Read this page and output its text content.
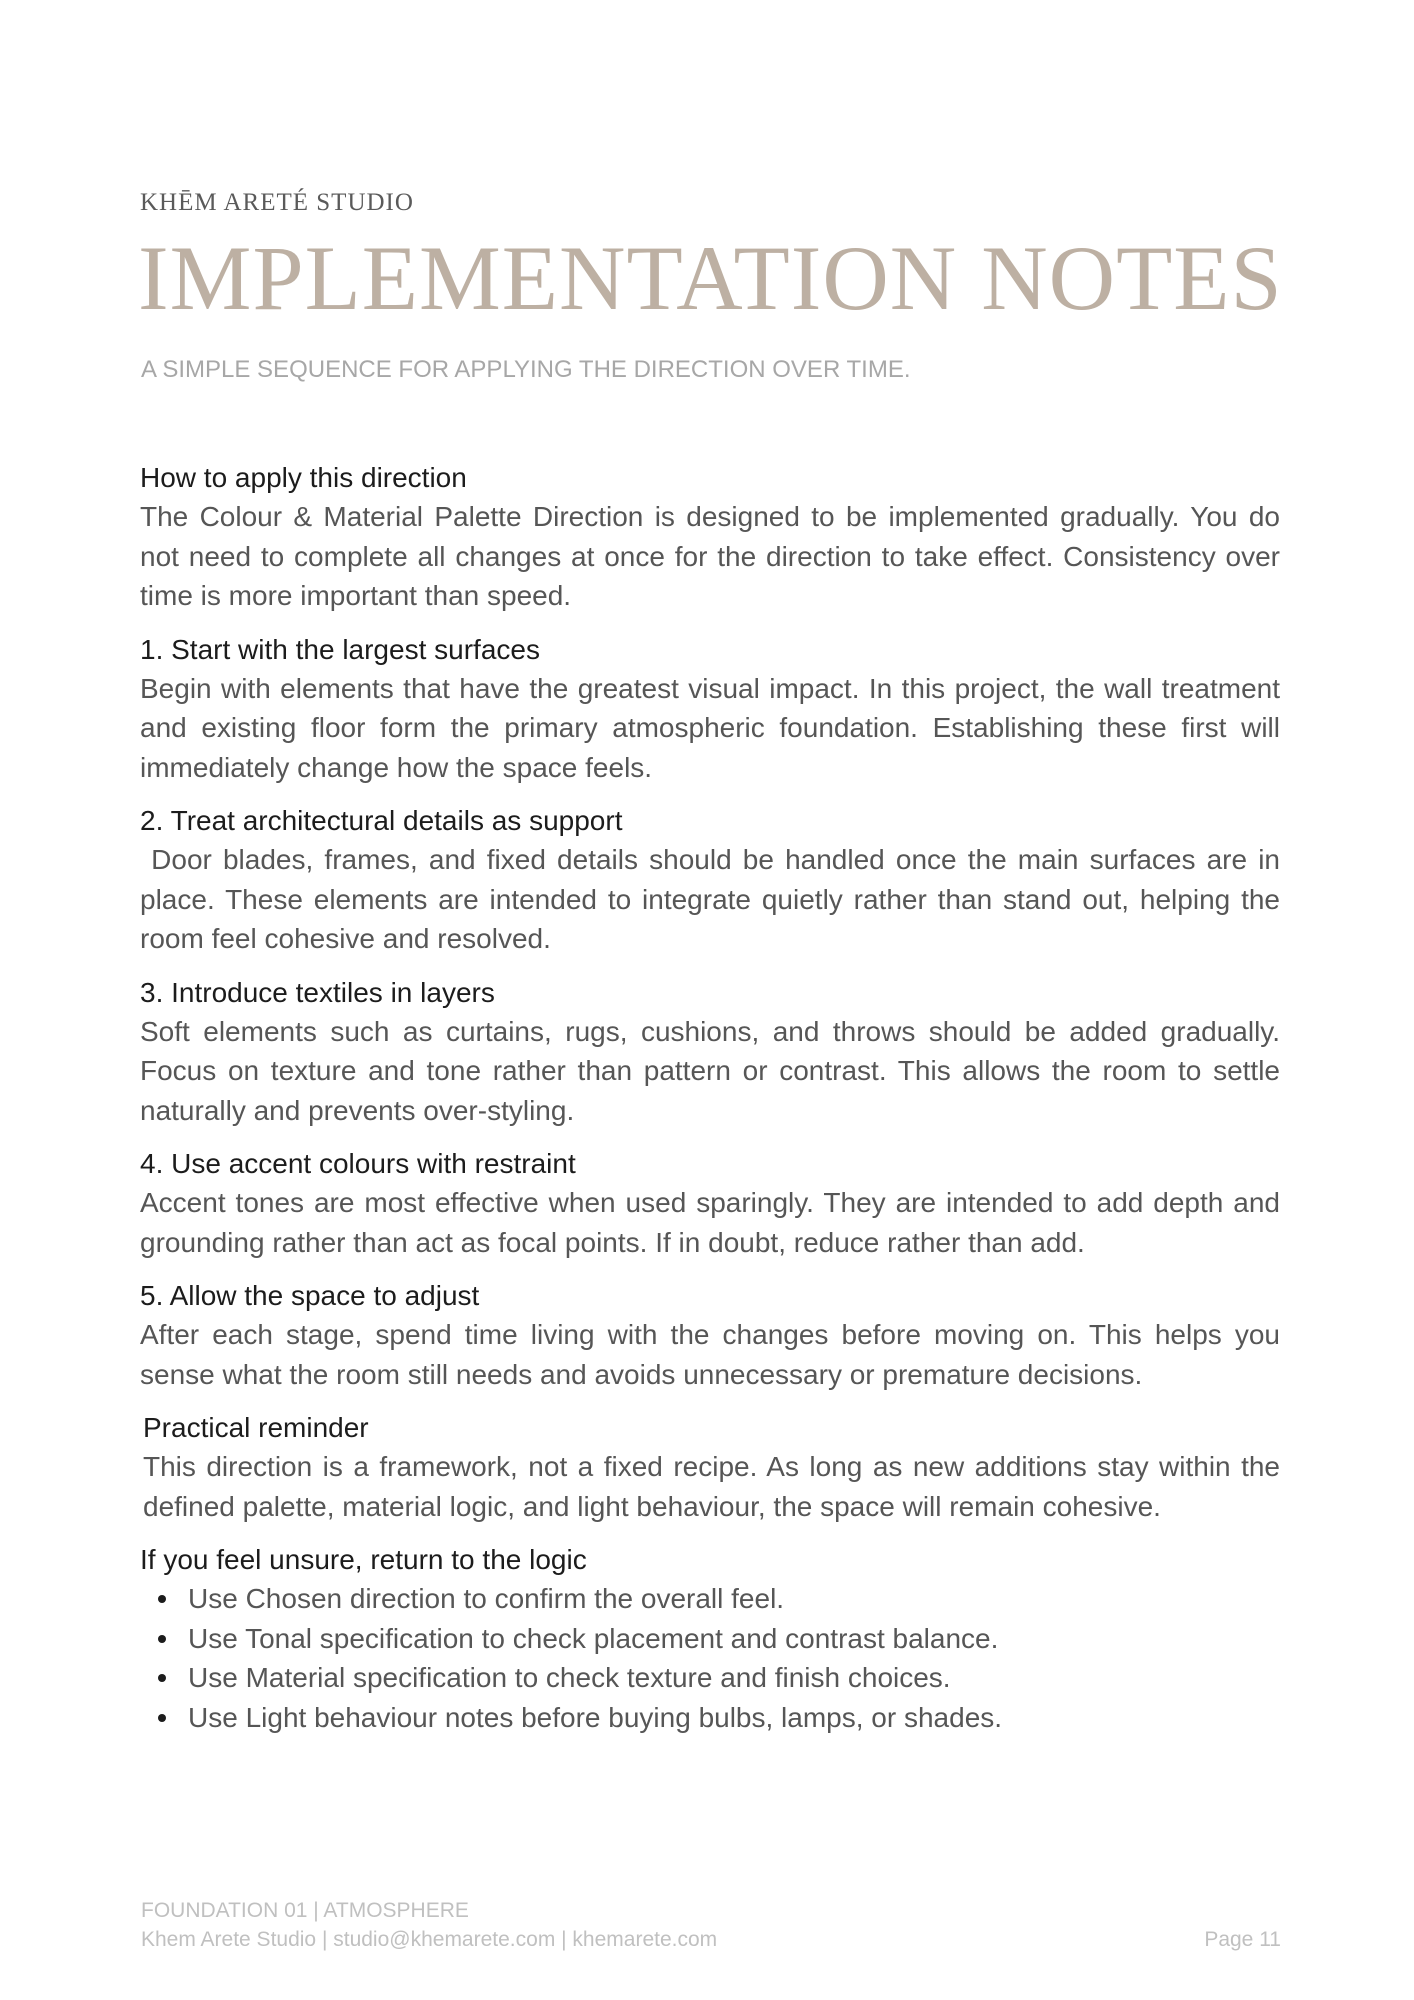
KHĒM ARETÉ STUDIO
IMPLEMENTATION NOTES
A SIMPLE SEQUENCE FOR APPLYING THE DIRECTION OVER TIME.
How to apply this direction

The Colour & Material Palette Direction is designed to be implemented gradually. You do not need to complete all changes at once for the direction to take effect. Consistency over time is more important than speed.

1. Start with the largest surfaces

Begin with elements that have the greatest visual impact. In this project, the wall treatment and existing floor form the primary atmospheric foundation. Establishing these first will immediately change how the space feels.

2. Treat architectural details as support

Door blades, frames, and fixed details should be handled once the main surfaces are in place. These elements are intended to integrate quietly rather than stand out, helping the room feel cohesive and resolved.

3. Introduce textiles in layers

Soft elements such as curtains, rugs, cushions, and throws should be added gradually. Focus on texture and tone rather than pattern or contrast. This allows the room to settle naturally and prevents over-styling.

4. Use accent colours with restraint

Accent tones are most effective when used sparingly. They are intended to add depth and grounding rather than act as focal points. If in doubt, reduce rather than add.

5. Allow the space to adjust

After each stage, spend time living with the changes before moving on. This helps you sense what the room still needs and avoids unnecessary or premature decisions.

Practical reminder

This direction is a framework, not a fixed recipe. As long as new additions stay within the defined palette, material logic, and light behaviour, the space will remain cohesive.

If you feel unsure, return to the logic
Use Chosen direction to confirm the overall feel.
Use Tonal specification to check placement and contrast balance.
Use Material specification to check texture and finish choices.
Use Light behaviour notes before buying bulbs, lamps, or shades.
FOUNDATION 01 | ATMOSPHERE
Khem Arete Studio | studio@khemarete.com | khemarete.com	Page 11
